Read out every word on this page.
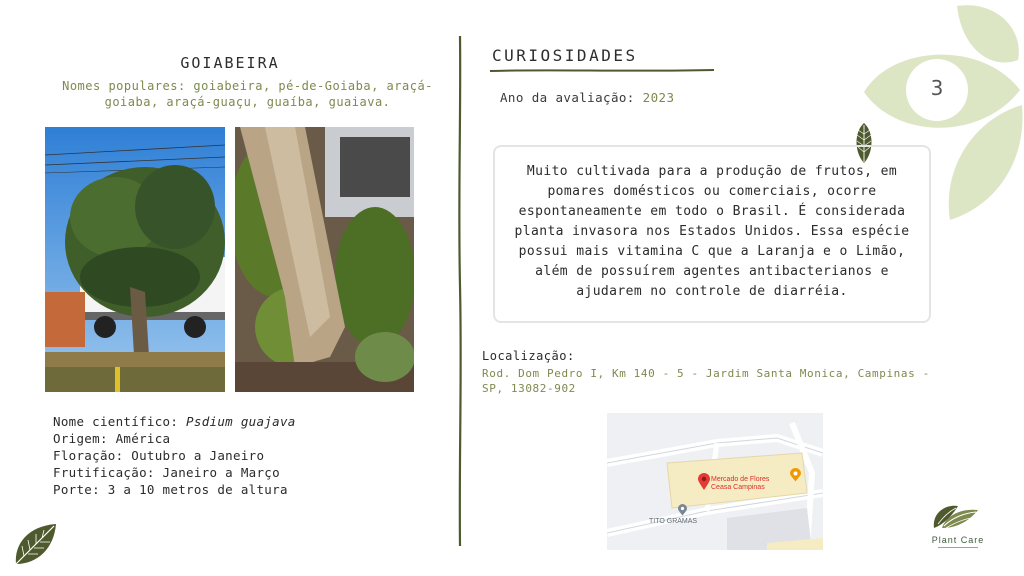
GOIABEIRA
Nomes populares: goiabeira, pé-de-Goiaba, araçá-goiaba, araçá-guaçu, guaíba, guaiava.
Nome científico: Psdium guajava
Origem: América
Floração: Outubro a Janeiro
Frutificação: Janeiro a Março
Porte: 3 a 10 metros de altura
CURIOSIDADES
Ano da avaliação: 2023	3
Muito cultivada para a produção de frutos, em pomares domésticos ou comerciais, ocorre espontaneamente em todo o Brasil. É considerada planta invasora nos Estados Unidos. Essa espécie possui mais vitamina C que a Laranja e o Limão, além de possuírem agentes antibacterianos e ajudarem no controle de diarréia.
Localização:
Rod. Dom Pedro I, Km 140 - 5 - Jardim Santa Monica, Campinas - SP, 13082-902
Mercado de Flores
Ceasa Campinas
TITO GRAMAS
Plant Care
